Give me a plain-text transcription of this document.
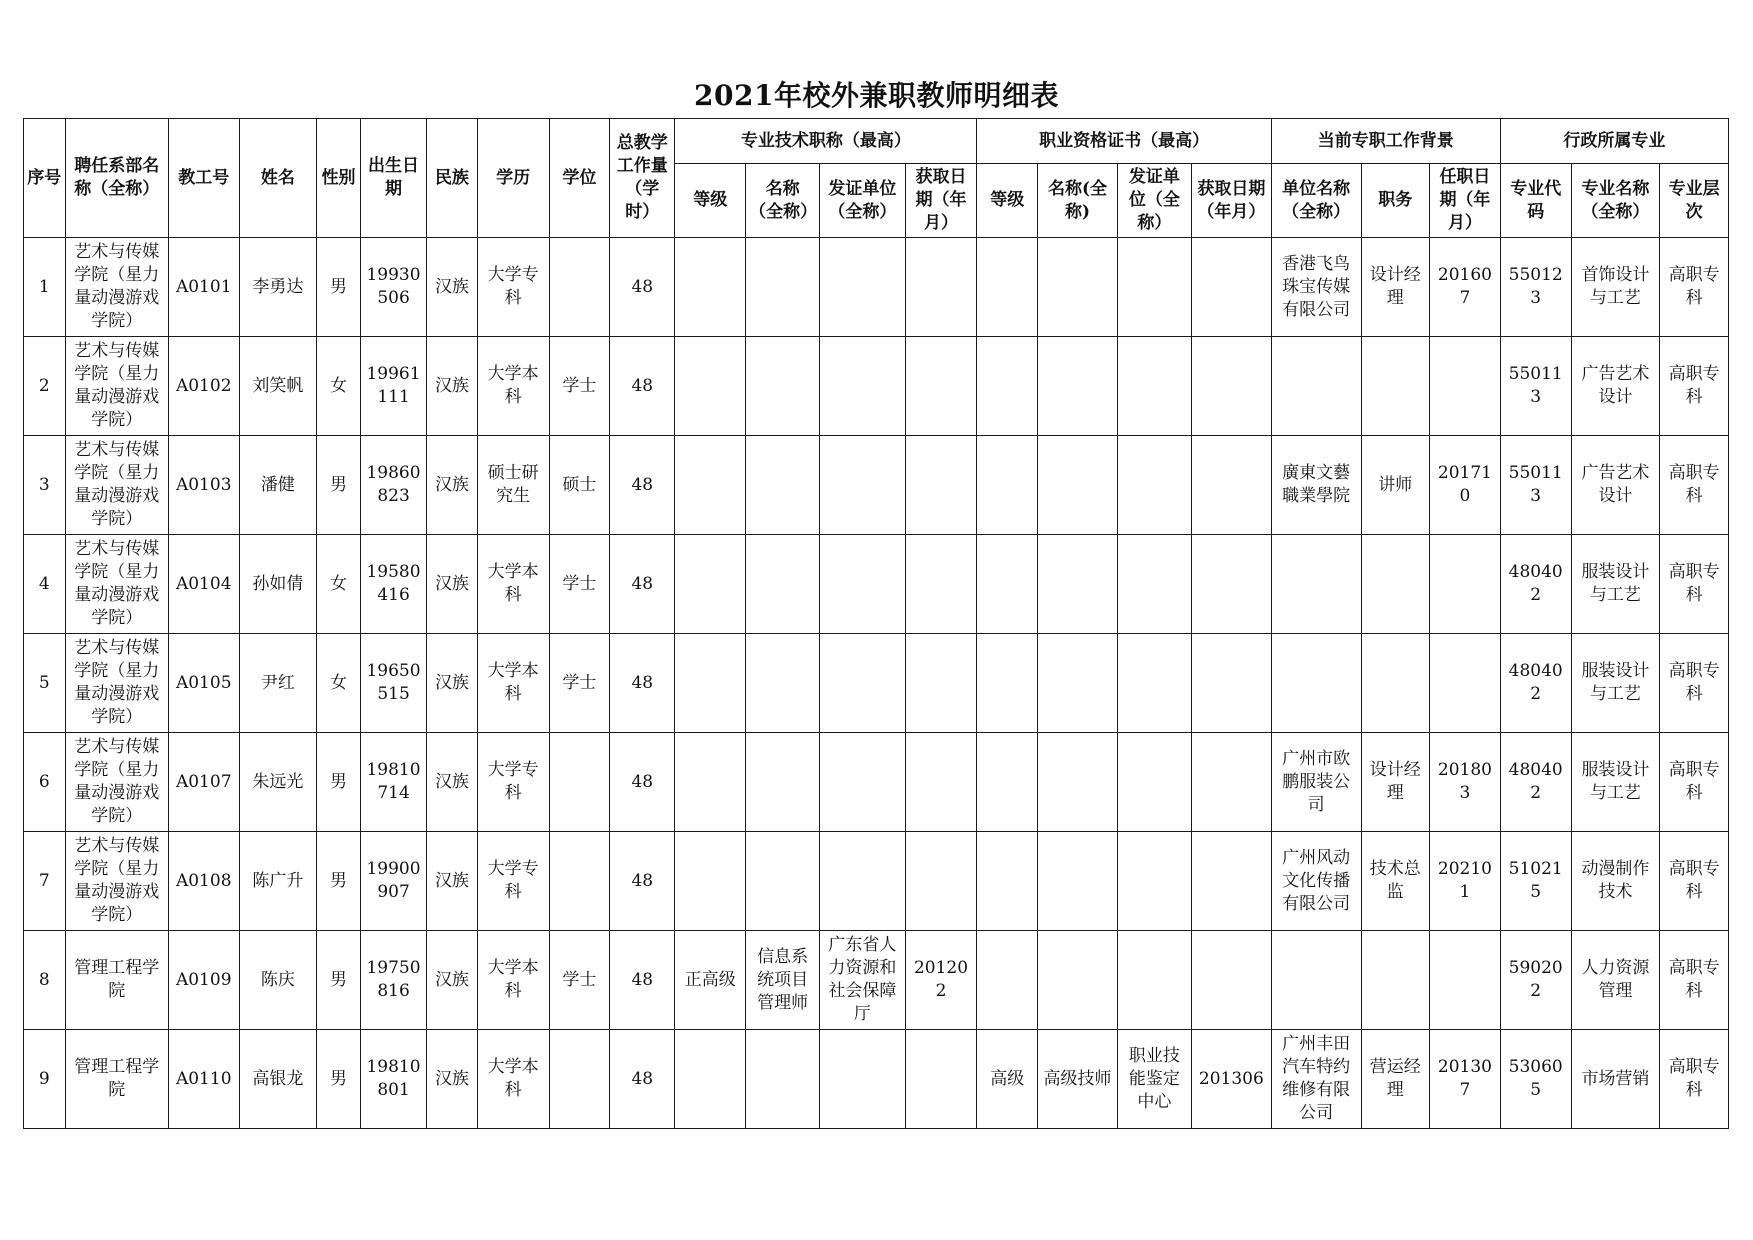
2021年校外兼职教师明细表
序号	聘任系部名称（全称）	教工号	姓名	性别	出生日期	民族	学历	学位	总教学工作量（学时）	专业技术职称（最高）				职业资格证书（最高）				当前专职工作背景			行政所属专业		
										等级	名称（全称）	发证单位（全称）	获取日期（年月）	等级	名称(全称)	发证单位（全称）	获取日期（年月）	单位名称（全称）	职务	任职日期（年月）	专业代码	专业名称（全称）	专业层次
1	艺术与传媒学院（星力量动漫游戏学院）	A0101	李勇达	男	19930506	汉族	大学专科		48									香港飞鸟珠宝传媒有限公司	设计经理	201607	550123	首饰设计与工艺	高职专科
2	艺术与传媒学院（星力量动漫游戏学院）	A0102	刘笑帆	女	19961111	汉族	大学本科	学士	48												550113	广告艺术设计	高职专科
3	艺术与传媒学院（星力量动漫游戏学院）	A0103	潘健	男	19860823	汉族	硕士研究生	硕士	48									廣東文藝職業學院	讲师	201710	550113	广告艺术设计	高职专科
4	艺术与传媒学院（星力量动漫游戏学院）	A0104	孙如倩	女	19580416	汉族	大学本科	学士	48												480402	服装设计与工艺	高职专科
5	艺术与传媒学院（星力量动漫游戏学院）	A0105	尹红	女	19650515	汉族	大学本科	学士	48												480402	服装设计与工艺	高职专科
6	艺术与传媒学院（星力量动漫游戏学院）	A0107	朱远光	男	19810714	汉族	大学专科		48									广州市欧鹏服装公司	设计经理	201803	480402	服装设计与工艺	高职专科
7	艺术与传媒学院（星力量动漫游戏学院）	A0108	陈广升	男	19900907	汉族	大学专科		48									广州风动文化传播有限公司	技术总监	202101	510215	动漫制作技术	高职专科
8	管理工程学院	A0109	陈庆	男	19750816	汉族	大学本科	学士	48	正高级	信息系统项目管理师	广东省人力资源和社会保障厅	201202								590202	人力资源管理	高职专科
9	管理工程学院	A0110	高银龙	男	19810801	汉族	大学本科		48					高级	高级技师	职业技能鉴定中心	201306	广州丰田汽车特约维修有限公司	营运经理	201307	530605	市场营销	高职专科
